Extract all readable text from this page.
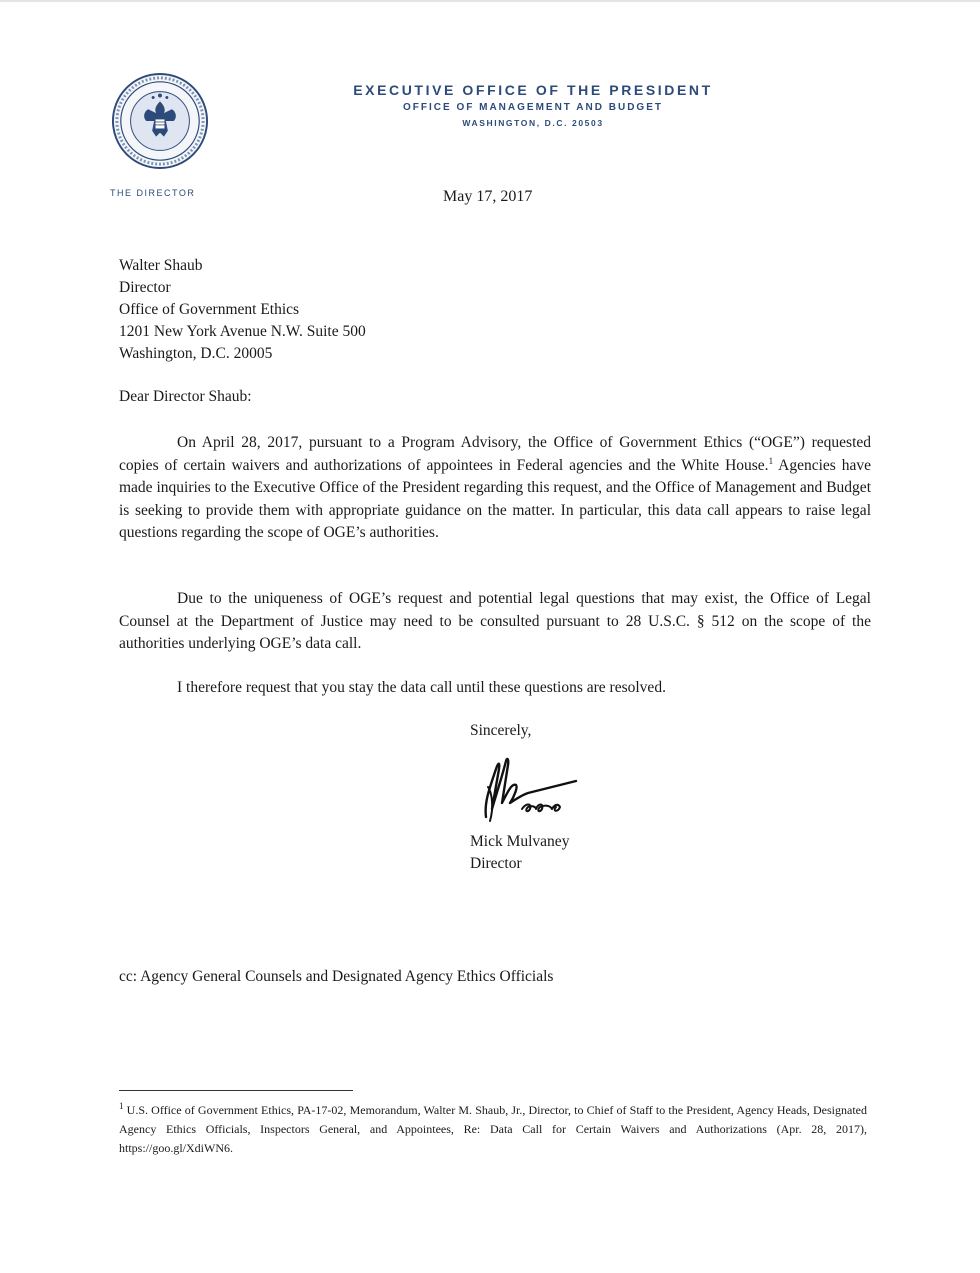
THE DIRECTOR
EXECUTIVE OFFICE OF THE PRESIDENT
OFFICE OF MANAGEMENT AND BUDGET
WASHINGTON, D.C. 20503
May 17, 2017
Walter Shaub
Director
Office of Government Ethics
1201 New York Avenue N.W. Suite 500
Washington, D.C. 20005
Dear Director Shaub:

On April 28, 2017, pursuant to a Program Advisory, the Office of Government Ethics (“OGE”) requested copies of certain waivers and authorizations of appointees in Federal agencies and the White House.$^1$ Agencies have made inquiries to the Executive Office of the President regarding this request, and the Office of Management and Budget is seeking to provide them with appropriate guidance on the matter. In particular, this data call appears to raise legal questions regarding the scope of OGE’s authorities.

Due to the uniqueness of OGE’s request and potential legal questions that may exist, the Office of Legal Counsel at the Department of Justice may need to be consulted pursuant to 28 U.S.C. § 512 on the scope of the authorities underlying OGE’s data call.

I therefore request that you stay the data call until these questions are resolved.

Sincerely,
Mick Mulvaney
Director
cc: Agency General Counsels and Designated Agency Ethics Officials

$^1$ U.S. Office of Government Ethics, PA-17-02, Memorandum, Walter M. Shaub, Jr., Director, to Chief of Staff to the President, Agency Heads, Designated Agency Ethics Officials, Inspectors General, and Appointees, Re: Data Call for Certain Waivers and Authorizations (Apr. 28, 2017), https://goo.gl/XdiWN6.
